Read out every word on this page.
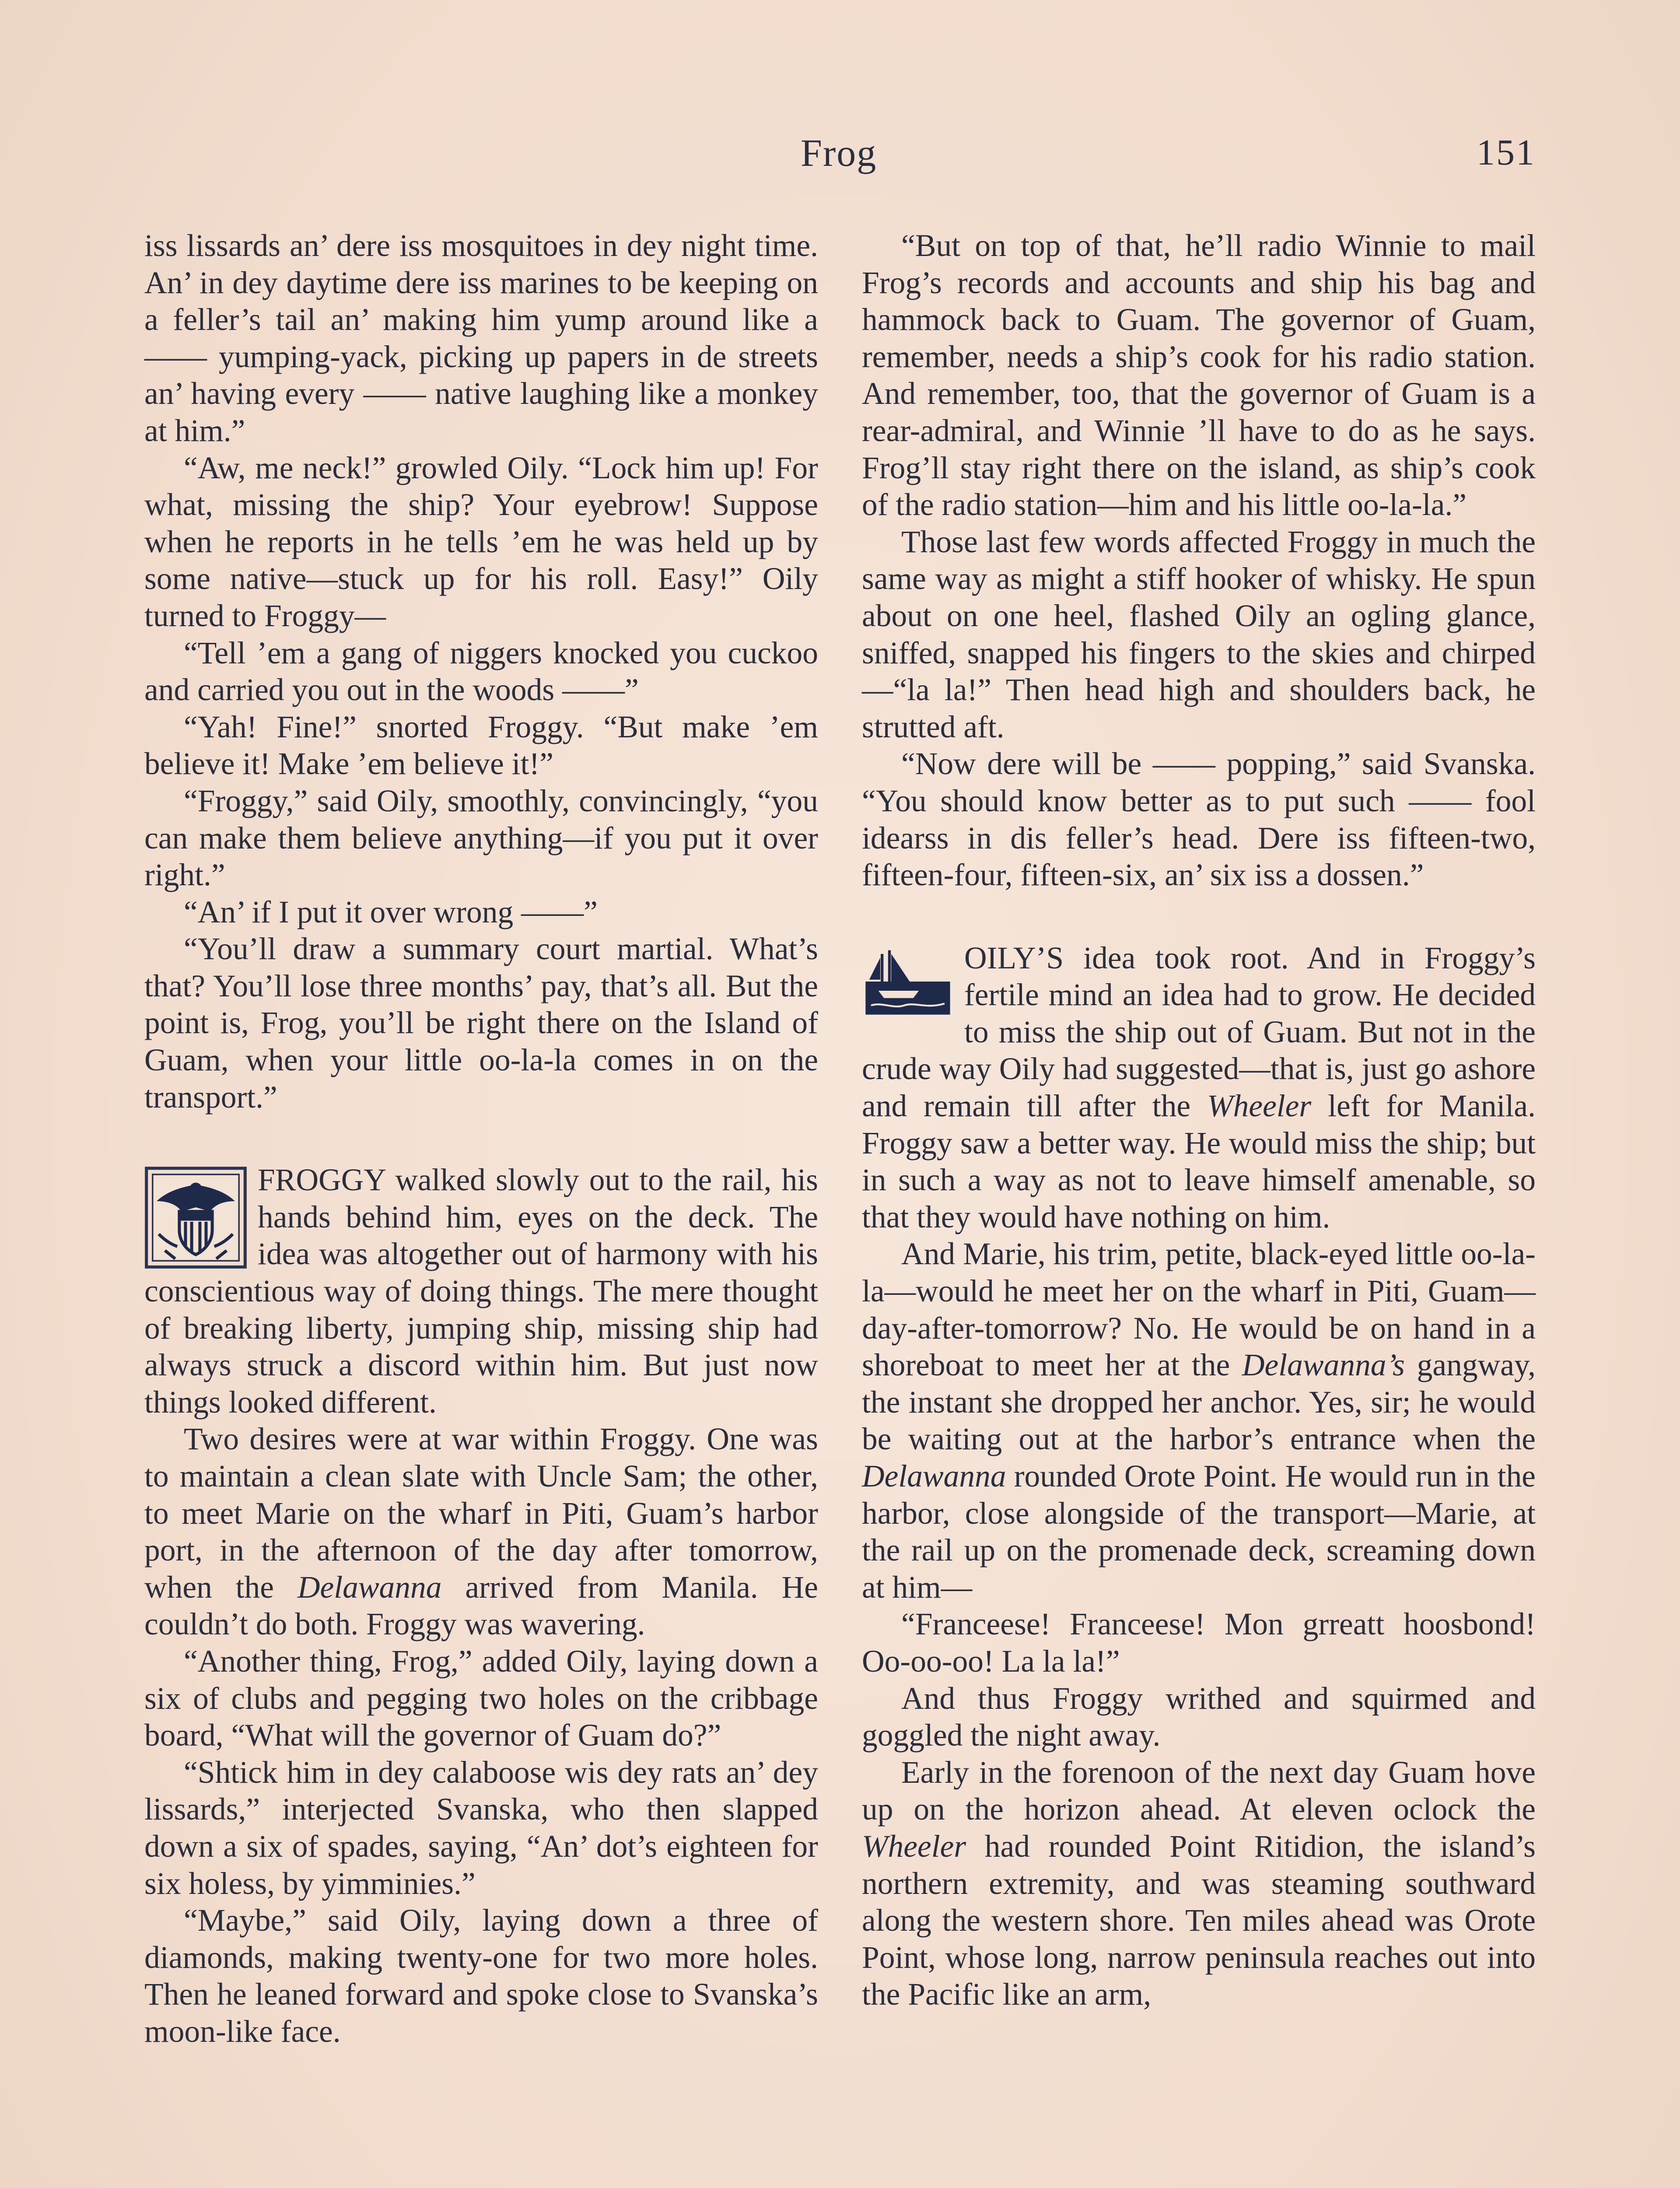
Frog	151

iss lissards an’ dere iss mosquitoes in dey night time. An’ in dey daytime dere iss marines to be keeping on a feller’s tail an’ making him yump around like a —— yumping-yack, picking up papers in de streets an’ having every —— native laughing like a monkey at him.”

“Aw, me neck!” growled Oily. “Lock him up! For what, missing the ship? Your eyebrow! Suppose when he reports in he tells ’em he was held up by some native—stuck up for his roll. Easy!” Oily turned to Froggy—

“Tell ’em a gang of niggers knocked you cuckoo and carried you out in the woods ——”

“Yah! Fine!” snorted Froggy. “But make ’em believe it! Make ’em believe it!”

“Froggy,” said Oily, smoothly, convincingly, “you can make them believe anything—if you put it over right.”

“An’ if I put it over wrong ——”

“You’ll draw a summary court martial. What’s that? You’ll lose three months’ pay, that’s all. But the point is, Frog, you’ll be right there on the Island of Guam, when your little oo-la-la comes in on the transport.”

FROGGY walked slowly out to the rail, his hands behind him, eyes on the deck. The idea was altogether out of harmony with his conscientious way of doing things. The mere thought of breaking liberty, jumping ship, missing ship had always struck a discord within him. But just now things looked different.

Two desires were at war within Froggy. One was to maintain a clean slate with Uncle Sam; the other, to meet Marie on the wharf in Piti, Guam’s harbor port, in the afternoon of the day after tomorrow, when the Delawanna arrived from Manila. He couldn’t do both. Froggy was wavering.

“Another thing, Frog,” added Oily, laying down a six of clubs and pegging two holes on the cribbage board, “What will the governor of Guam do?”

“Shtick him in dey calaboose wis dey rats an’ dey lissards,” interjected Svanska, who then slapped down a six of spades, saying, “An’ dot’s eighteen for six holess, by yimminies.”

“Maybe,” said Oily, laying down a three of diamonds, making twenty-one for two more holes. Then he leaned forward and spoke close to Svanska’s moon-like face.

“But on top of that, he’ll radio Winnie to mail Frog’s records and accounts and ship his bag and hammock back to Guam. The governor of Guam, remember, needs a ship’s cook for his radio station. And remember, too, that the governor of Guam is a rear-admiral, and Winnie ’ll have to do as he says. Frog’ll stay right there on the island, as ship’s cook of the radio station—him and his little oo-la-la.”

Those last few words affected Froggy in much the same way as might a stiff hooker of whisky. He spun about on one heel, flashed Oily an ogling glance, sniffed, snapped his fingers to the skies and chirped —“la la!” Then head high and shoulders back, he strutted aft.

“Now dere will be —— popping,” said Svanska. “You should know better as to put such —— fool idearss in dis feller’s head. Dere iss fifteen-two, fifteen-four, fifteen-six, an’ six iss a dossen.”

OILY’S idea took root. And in Froggy’s fertile mind an idea had to grow. He decided to miss the ship out of Guam. But not in the crude way Oily had suggested—that is, just go ashore and remain till after the Wheeler left for Manila. Froggy saw a better way. He would miss the ship; but in such a way as not to leave himself amenable, so that they would have nothing on him.

And Marie, his trim, petite, black-eyed little oo-la-la—would he meet her on the wharf in Piti, Guam—day-after-tomorrow? No. He would be on hand in a shoreboat to meet her at the Delawanna’s gangway, the instant she dropped her anchor. Yes, sir; he would be waiting out at the harbor’s entrance when the Delawanna rounded Orote Point. He would run in the harbor, close alongside of the transport—Marie, at the rail up on the promenade deck, screaming down at him—

“Franceese! Franceese! Mon grreatt hoosbond! Oo-oo-oo! La la la!”

And thus Froggy writhed and squirmed and goggled the night away.

Early in the forenoon of the next day Guam hove up on the horizon ahead. At eleven oclock the Wheeler had rounded Point Ritidion, the island’s northern extremity, and was steaming southward along the western shore. Ten miles ahead was Orote Point, whose long, narrow peninsula reaches out into the Pacific like an arm,
